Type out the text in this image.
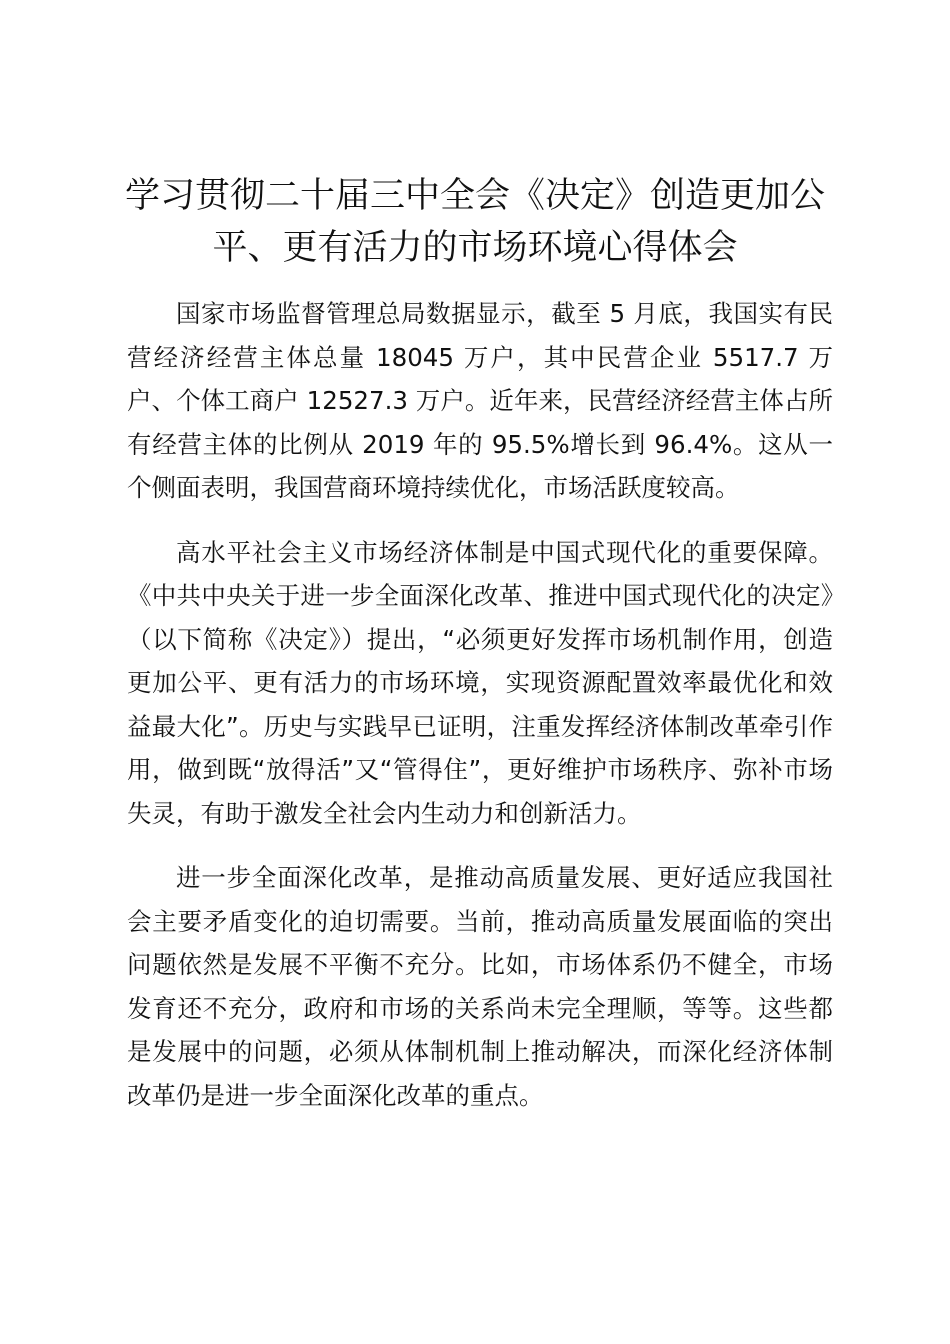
学习贯彻二十届三中全会《决定》创造更加公平、更有活力的市场环境心得体会

国家市场监督管理总局数据显示，截至 5 月底，我国实有民营经济经营主体总量 18045 万户，其中民营企业 5517.7 万户、个体工商户 12527.3 万户。近年来，民营经济经营主体占所有经营主体的比例从 2019 年的 95.5%增长到 96.4%。这从一个侧面表明，我国营商环境持续优化，市场活跃度较高。

高水平社会主义市场经济体制是中国式现代化的重要保障。《中共中央关于进一步全面深化改革、推进中国式现代化的决定》（以下简称《决定》）提出，“必须更好发挥市场机制作用，创造更加公平、更有活力的市场环境，实现资源配置效率最优化和效益最大化”。历史与实践早已证明，注重发挥经济体制改革牵引作用，做到既“放得活”又“管得住”，更好维护市场秩序、弥补市场失灵，有助于激发全社会内生动力和创新活力。

进一步全面深化改革，是推动高质量发展、更好适应我国社会主要矛盾变化的迫切需要。当前，推动高质量发展面临的突出问题依然是发展不平衡不充分。比如，市场体系仍不健全，市场发育还不充分，政府和市场的关系尚未完全理顺，等等。这些都是发展中的问题，必须从体制机制上推动解决，而深化经济体制改革仍是进一步全面深化改革的重点。
